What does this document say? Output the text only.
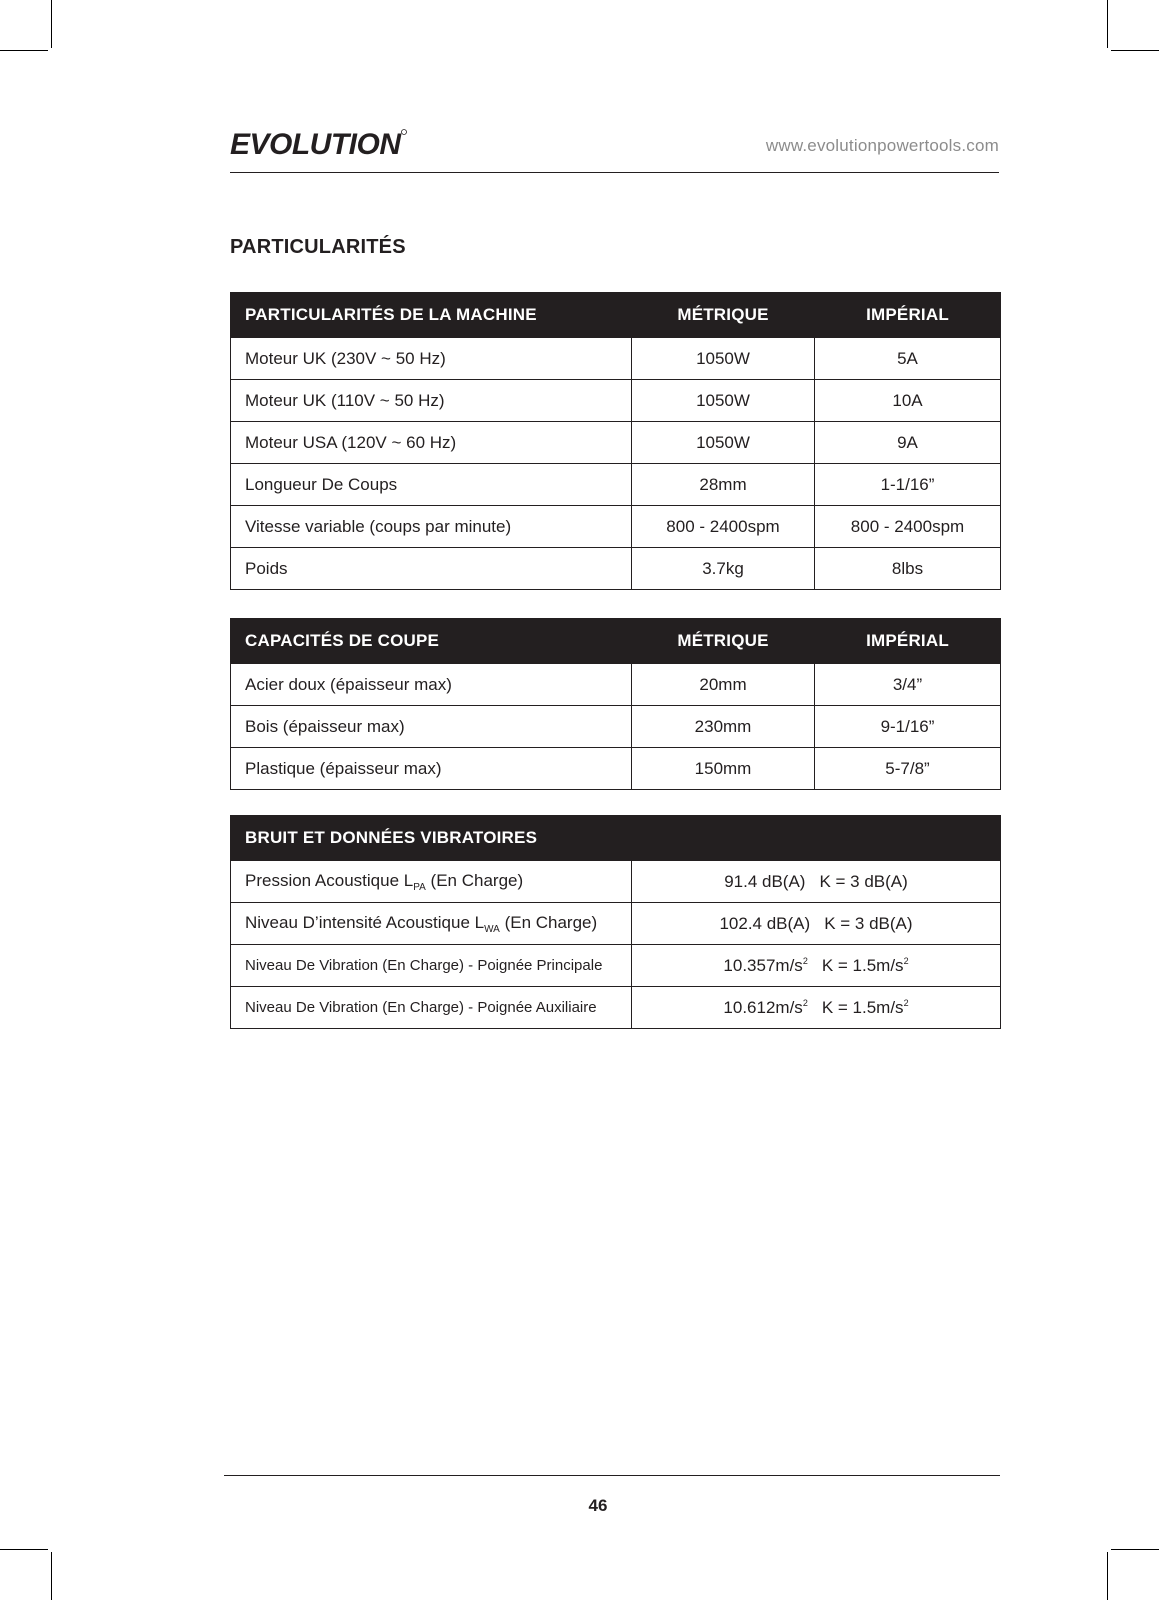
EVOLUTION	www.evolutionpowertools.com
PARTICULARITÉS
PARTICULARITÉS DE LA MACHINE	MÉTRIQUE	IMPÉRIAL
Moteur UK (230V ~ 50 Hz)	1050W	5A
Moteur UK (110V ~ 50 Hz)	1050W	10A
Moteur USA (120V ~ 60 Hz)	1050W	9A
Longueur De Coups	28mm	1-1/16”
Vitesse variable (coups par minute)	800 - 2400spm	800 - 2400spm
Poids	3.7kg	8lbs
CAPACITÉS DE COUPE	MÉTRIQUE	IMPÉRIAL
Acier doux (épaisseur max)	20mm	3/4”
Bois (épaisseur max)	230mm	9-1/16”
Plastique (épaisseur max)	150mm	5-7/8”
BRUIT ET DONNÉES VIBRATOIRES		
Pression Acoustique $L_{PA}$ (En Charge)	91.4 dB(A) K = 3 dB(A)	
Niveau D’intensité Acoustique $L_{WA}$ (En Charge)	102.4 dB(A) K = 3 dB(A)	
Niveau De Vibration (En Charge) - Poignée Principale	$10.357m/s^2$ $K = 1.5m/s^2$
Niveau De Vibration (En Charge) - Poignée Auxiliaire	$10.612m/s^2$ $K = 1.5m/s^2$
46
